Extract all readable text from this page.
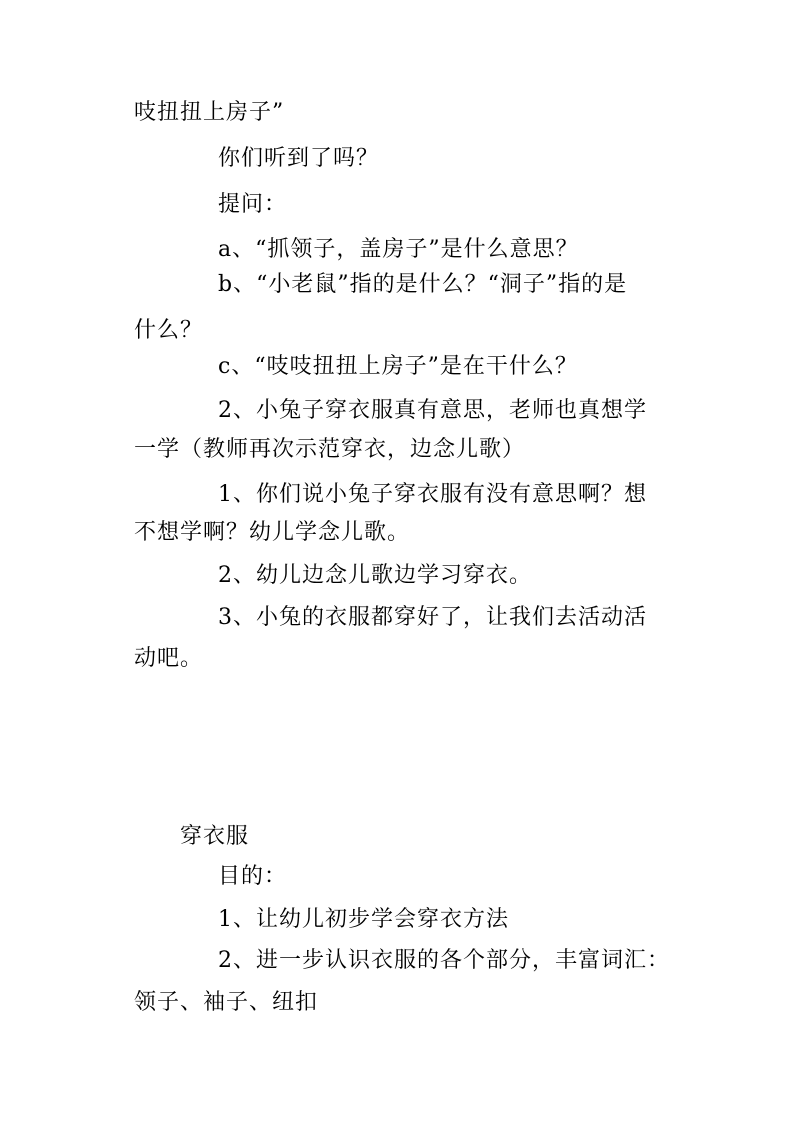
吱扭扭上房子”
你们听到了吗？
提问：
a、“抓领子，盖房子”是什么意思？
b、“小老鼠”指的是什么？“洞子”指的是
什么？
c、“吱吱扭扭上房子”是在干什么？
2、小兔子穿衣服真有意思，老师也真想学
一学（教师再次示范穿衣，边念儿歌）
1、你们说小兔子穿衣服有没有意思啊？想
不想学啊？幼儿学念儿歌。
2、幼儿边念儿歌边学习穿衣。
3、小兔的衣服都穿好了，让我们去活动活
动吧。
穿衣服
目的：
1、让幼儿初步学会穿衣方法
2、进一步认识衣服的各个部分，丰富词汇：
领子、袖子、纽扣
